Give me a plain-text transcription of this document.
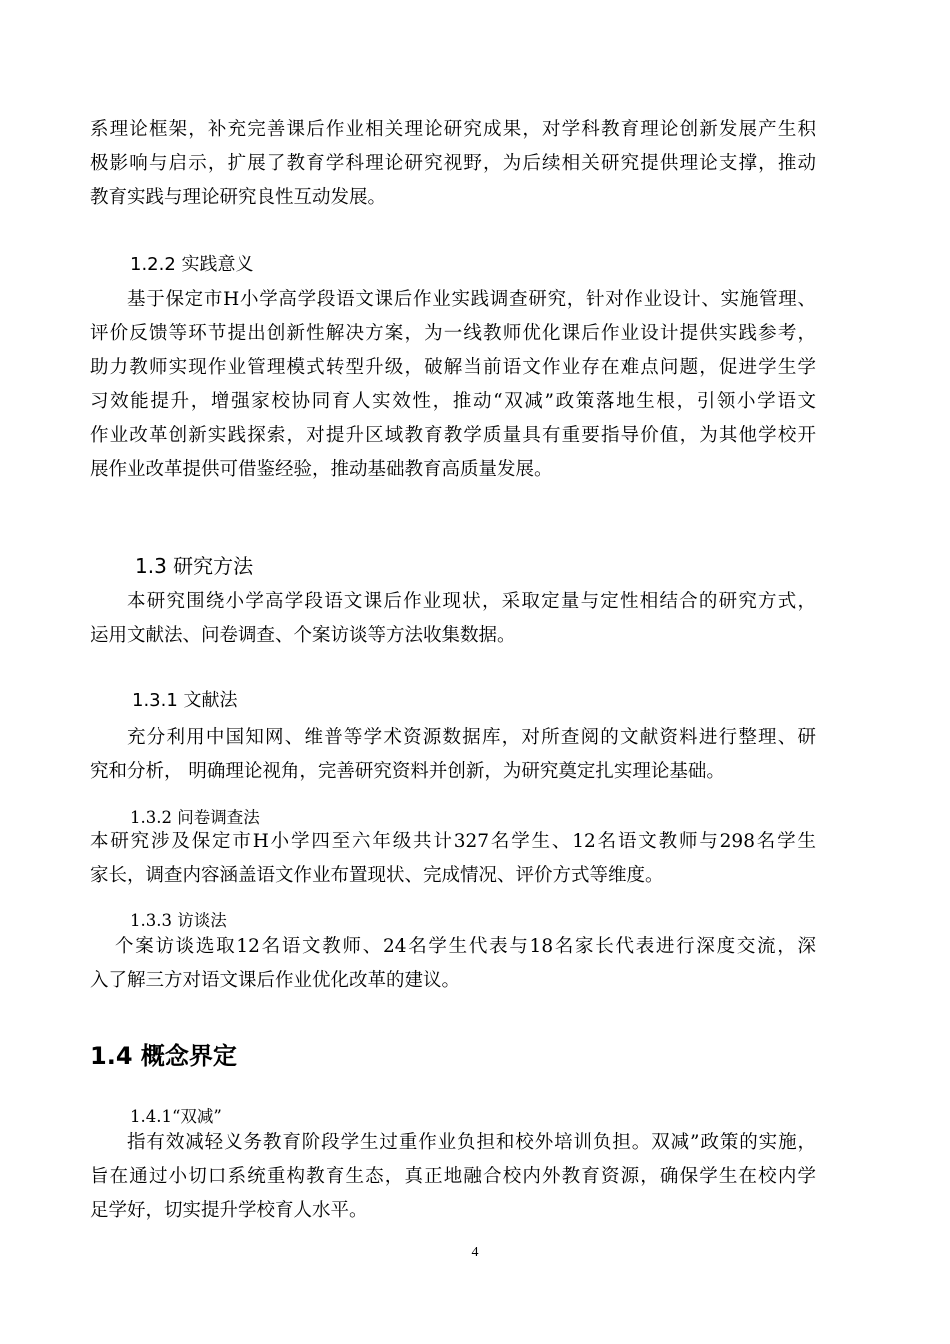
系理论框架，补充完善课后作业相关理论研究成果，对学科教育理论创新发展产生积
极影响与启示，扩展了教育学科理论研究视野，为后续相关研究提供理论支撑，推动
教育实践与理论研究良性互动发展。
1.2.2 实践意义
基于保定市H小学高学段语文课后作业实践调查研究，针对作业设计、实施管理、
评价反馈等环节提出创新性解决方案，为一线教师优化课后作业设计提供实践参考，
助力教师实现作业管理模式转型升级，破解当前语文作业存在难点问题，促进学生学
习效能提升，增强家校协同育人实效性，推动“双减”政策落地生根，引领小学语文
作业改革创新实践探索，对提升区域教育教学质量具有重要指导价值，为其他学校开
展作业改革提供可借鉴经验，推动基础教育高质量发展。
1.3 研究方法
本研究围绕小学高学段语文课后作业现状，采取定量与定性相结合的研究方式，
运用文献法、问卷调查、个案访谈等方法收集数据。
1.3.1 文献法
充分利用中国知网、维普等学术资源数据库，对所查阅的文献资料进行整理、研
究和分析， 明确理论视角，完善研究资料并创新，为研究奠定扎实理论基础。
1.3.2 问卷调查法
本研究涉及保定市H小学四至六年级共计327名学生、12名语文教师与298名学生
家长，调查内容涵盖语文作业布置现状、完成情况、评价方式等维度。
1.3.3 访谈法
个案访谈选取12名语文教师、24名学生代表与18名家长代表进行深度交流，深
入了解三方对语文课后作业优化改革的建议。
1.4 概念界定
1.4.1“双减”
指有效减轻义务教育阶段学生过重作业负担和校外培训负担。双减”政策的实施，
旨在通过小切口系统重构教育生态，真正地融合校内外教育资源，确保学生在校内学
足学好，切实提升学校育人水平。
4
